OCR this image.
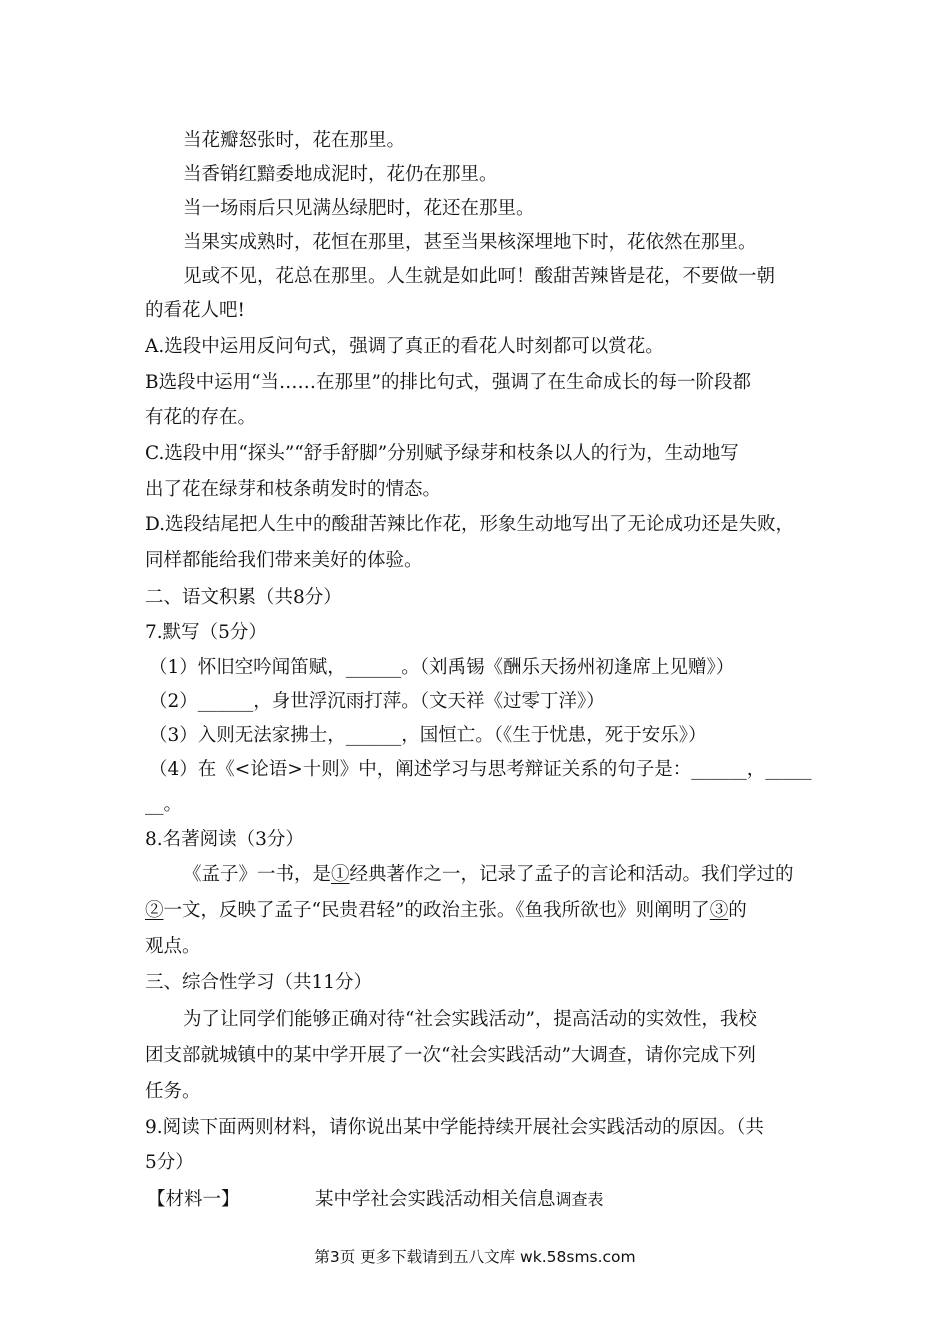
当花瓣怒张时，花在那里。
当香销红黯委地成泥时，花仍在那里。
当一场雨后只见满丛绿肥时，花还在那里。
当果实成熟时，花恒在那里，甚至当果核深埋地下时，花依然在那里。
见或不见，花总在那里。人生就是如此呵！酸甜苦辣皆是花，不要做一朝
的看花人吧!
A.选段中运用反问句式，强调了真正的看花人时刻都可以赏花。
B选段中运用“当……在那里”的排比句式，强调了在生命成长的每一阶段都
有花的存在。
C.选段中用“探头”“舒手舒脚”分别赋予绿芽和枝条以人的行为，生动地写
出了花在绿芽和枝条萌发时的情态。
D.选段结尾把人生中的酸甜苦辣比作花，形象生动地写出了无论成功还是失败，
同样都能给我们带来美好的体验。
二、语文积累（共8分）
7.默写（5分）
（1）怀旧空吟闻笛赋，______。（刘禹锡《酬乐天扬州初逢席上见赠》）
（2）______，身世浮沉雨打萍。（文天祥《过零丁洋》）
（3）入则无法家拂士，______，国恒亡。（《生于忧患，死于安乐》）
（4）在《<论语>十则》中，阐述学习与思考辩证关系的句子是：______，_____
__。
8.名著阅读（3分）
《孟子》一书，是①经典著作之一，记录了孟子的言论和活动。我们学过的
②一文，反映了孟子“民贵君轻”的政治主张。《鱼我所欲也》则阐明了③的
观点。
三、综合性学习（共11分）
为了让同学们能够正确对待“社会实践活动”，提高活动的实效性，我校
团支部就城镇中的某中学开展了一次“社会实践活动”大调查，请你完成下列
任务。
9.阅读下面两则材料，请你说出某中学能持续开展社会实践活动的原因。（共
5分）
【材料一】	某中学社会实践活动相关信息调查表
第3页 更多下载请到五八文库 wk.58sms.com
